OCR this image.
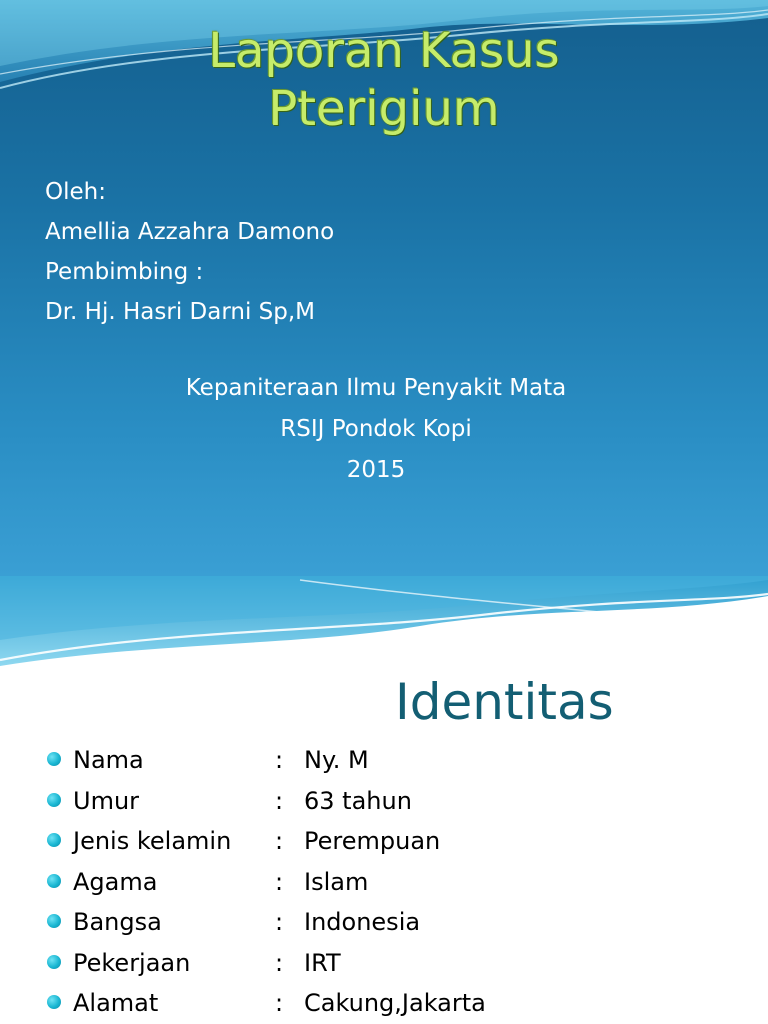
Laporan Kasus
Pterigium
Oleh:
Amellia Azzahra Damono
Pembimbing :
Dr. Hj. Hasri Darni Sp,M
Kepaniteraan Ilmu Penyakit Mata
RSIJ Pondok Kopi
2015
Identitas
Nama	: Ny. M
Umur	: 63 tahun
Jenis kelamin : Perempuan
Agama	: Islam
Bangsa	: Indonesia
Pekerjaan	: IRT
Alamat	: Cakung,Jakarta
